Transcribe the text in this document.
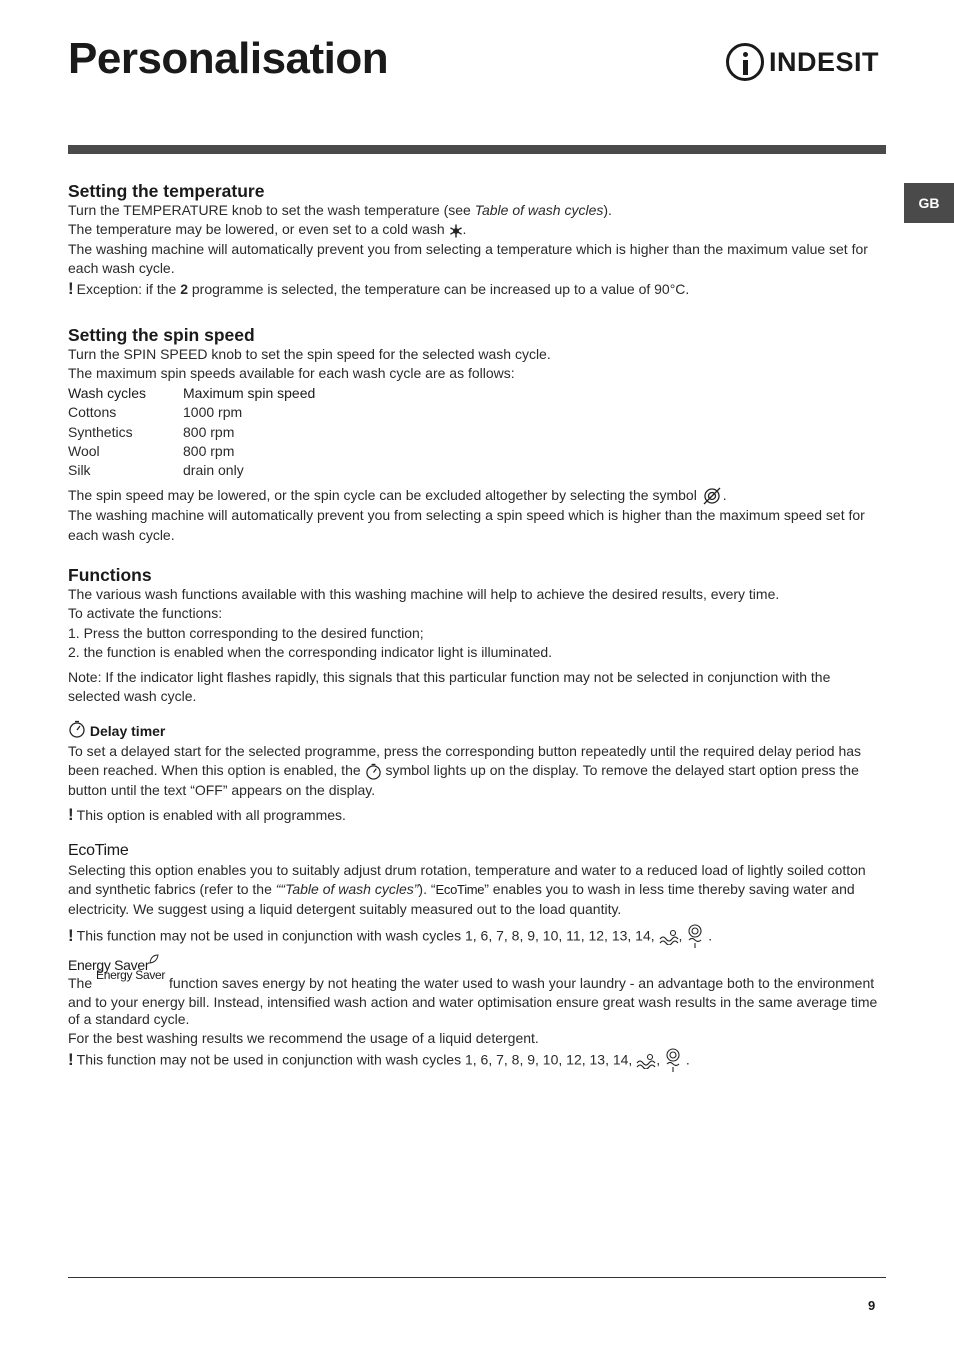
Personalisation	INDESIT
GB
Setting the temperature

Turn the TEMPERATURE knob to set the wash temperature (see Table of wash cycles).

The temperature may be lowered, or even set to a cold wash .

The washing machine will automatically prevent you from selecting a temperature which is higher than the maximum value set for each wash cycle.

! Exception: if the 2 programme is selected, the temperature can be increased up to a value of 90°C.

Setting the spin speed

Turn the SPIN SPEED knob to set the spin speed for the selected wash cycle.

The maximum spin speeds available for each wash cycle are as follows:

Wash cycles	Maximum spin speed
Cottons	1000 rpm
Synthetics	800 rpm
Wool	800 rpm
Silk	drain only

The spin speed may be lowered, or the spin cycle can be excluded altogether by selecting the symbol .

The washing machine will automatically prevent you from selecting a spin speed which is higher than the maximum speed set for each wash cycle.

Functions

The various wash functions available with this washing machine will help to achieve the desired results, every time.

To activate the functions:

1. Press the button corresponding to the desired function;

2. the function is enabled when the corresponding indicator light is illuminated.

Note: If the indicator light flashes rapidly, this signals that this particular function may not be selected in conjunction with the selected wash cycle.

Delay timer

To set a delayed start for the selected programme, press the corresponding button repeatedly until the required delay period has been reached. When this option is enabled, the symbol lights up on the display. To remove the delayed start option press the button until the text “OFF” appears on the display.

! This option is enabled with all programmes.

EcoTime

Selecting this option enables you to suitably adjust drum rotation, temperature and water to a reduced load of lightly soiled cotton and synthetic fabrics (refer to the ““Table of wash cycles”). “EcoTime” enables you to wash in less time thereby saving water and electricity. We suggest using a liquid detergent suitably measured out to the load quantity.

! This function may not be used in conjunction with wash cycles 1, 6, 7, 8, 9, 10, 11, 12, 13, 14, ,  .

Energy Saver

The Energy Saver function saves energy by not heating the water used to wash your laundry - an advantage both to the environment and to your energy bill. Instead, intensified wash action and water optimisation ensure great wash results in the same average time of a standard cycle.

For the best washing results we recommend the usage of a liquid detergent.

! This function may not be used in conjunction with wash cycles 1, 6, 7, 8, 9, 10, 12, 13, 14, ,  .

9
